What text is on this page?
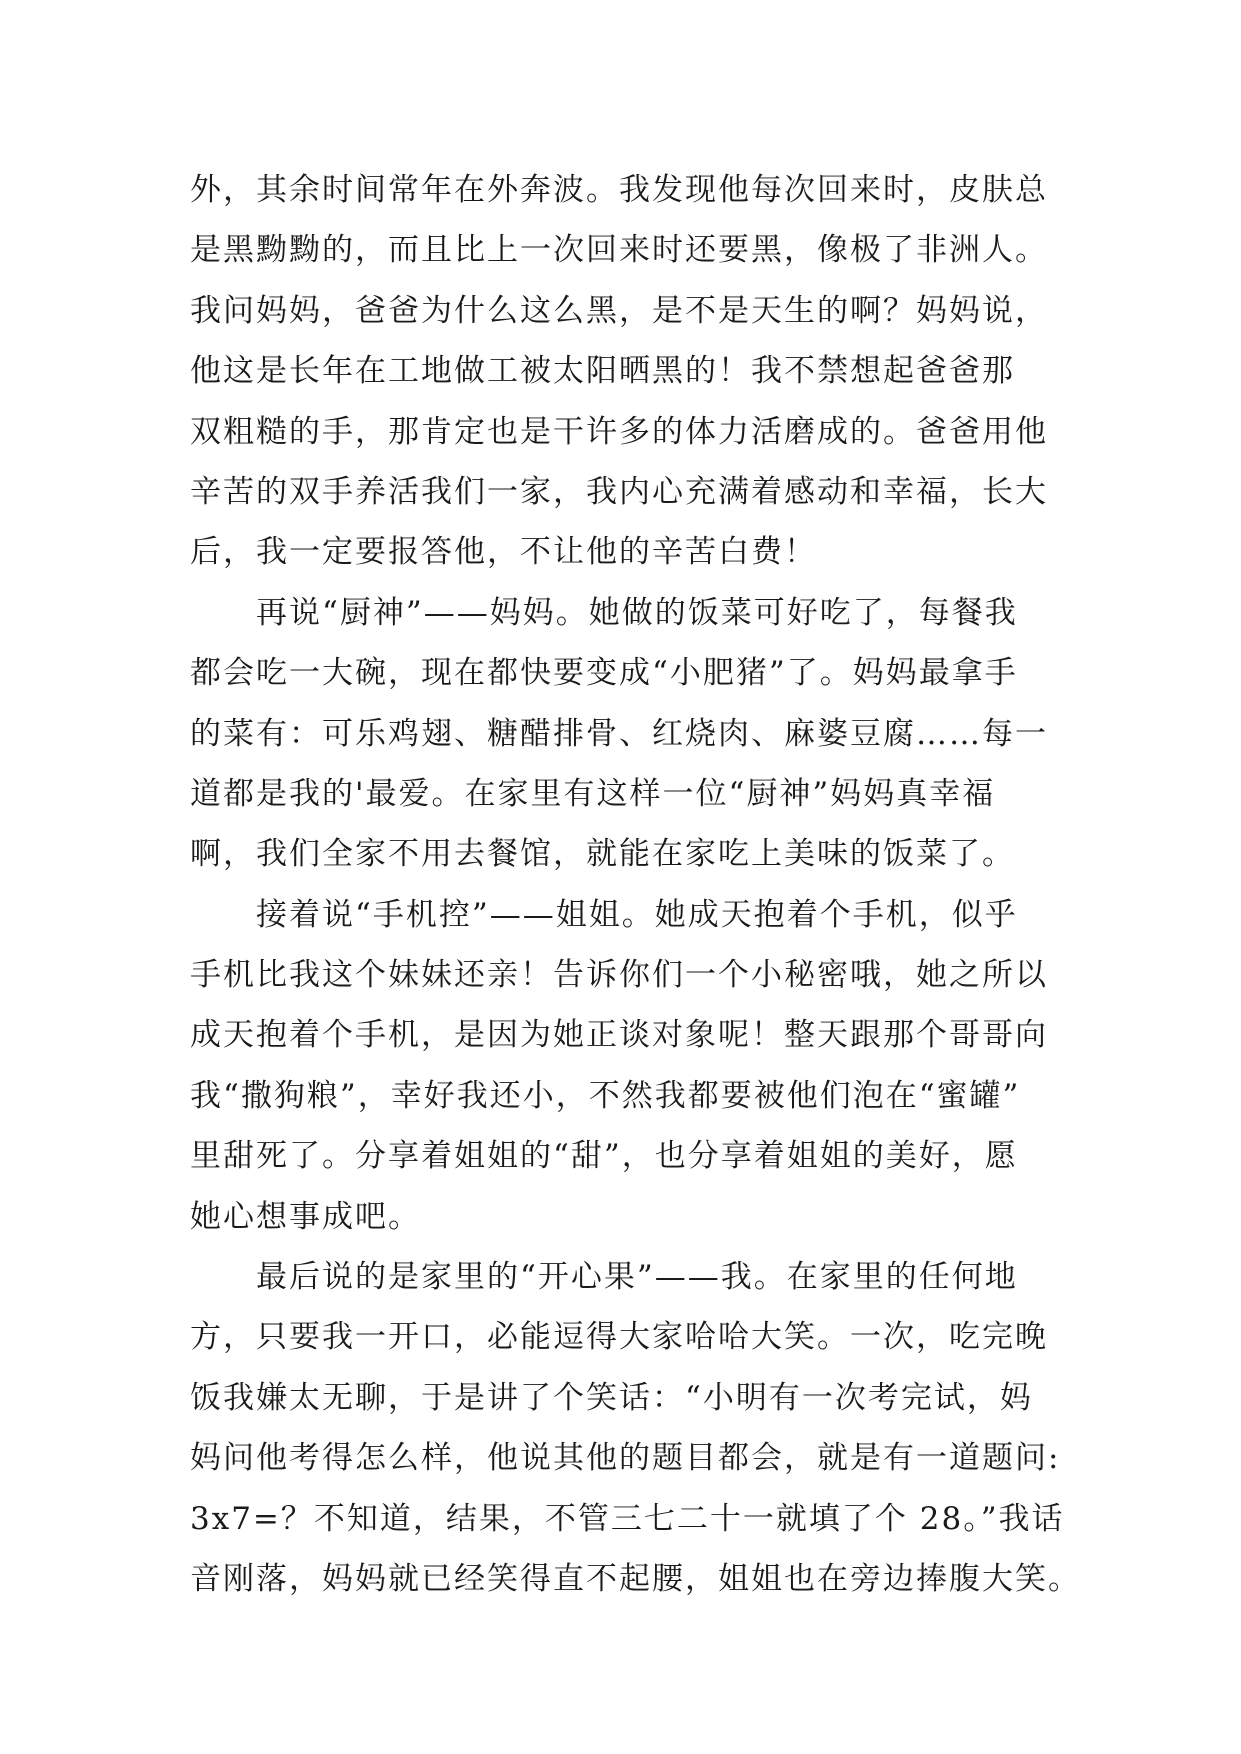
外，其余时间常年在外奔波。我发现他每次回来时，皮肤总
是黑黝黝的，而且比上一次回来时还要黑，像极了非洲人。
我问妈妈，爸爸为什么这么黑，是不是天生的啊？妈妈说，
他这是长年在工地做工被太阳晒黑的！我不禁想起爸爸那
双粗糙的手，那肯定也是干许多的体力活磨成的。爸爸用他
辛苦的双手养活我们一家，我内心充满着感动和幸福，长大
后，我一定要报答他，不让他的辛苦白费！
再说“厨神”——妈妈。她做的饭菜可好吃了，每餐我
都会吃一大碗，现在都快要变成“小肥猪”了。妈妈最拿手
的菜有：可乐鸡翅、糖醋排骨、红烧肉、麻婆豆腐……每一
道都是我的'最爱。在家里有这样一位“厨神”妈妈真幸福
啊，我们全家不用去餐馆，就能在家吃上美味的饭菜了。
接着说“手机控”——姐姐。她成天抱着个手机，似乎
手机比我这个妹妹还亲！告诉你们一个小秘密哦，她之所以
成天抱着个手机，是因为她正谈对象呢！整天跟那个哥哥向
我“撒狗粮”，幸好我还小，不然我都要被他们泡在“蜜罐”
里甜死了。分享着姐姐的“甜”，也分享着姐姐的美好，愿
她心想事成吧。
最后说的是家里的“开心果”——我。在家里的任何地
方，只要我一开口，必能逗得大家哈哈大笑。一次，吃完晚
饭我嫌太无聊，于是讲了个笑话：“小明有一次考完试，妈
妈问他考得怎么样，他说其他的题目都会，就是有一道题问:
3x7=？不知道，结果，不管三七二十一就填了个 28。”我话
音刚落，妈妈就已经笑得直不起腰，姐姐也在旁边捧腹大笑。
